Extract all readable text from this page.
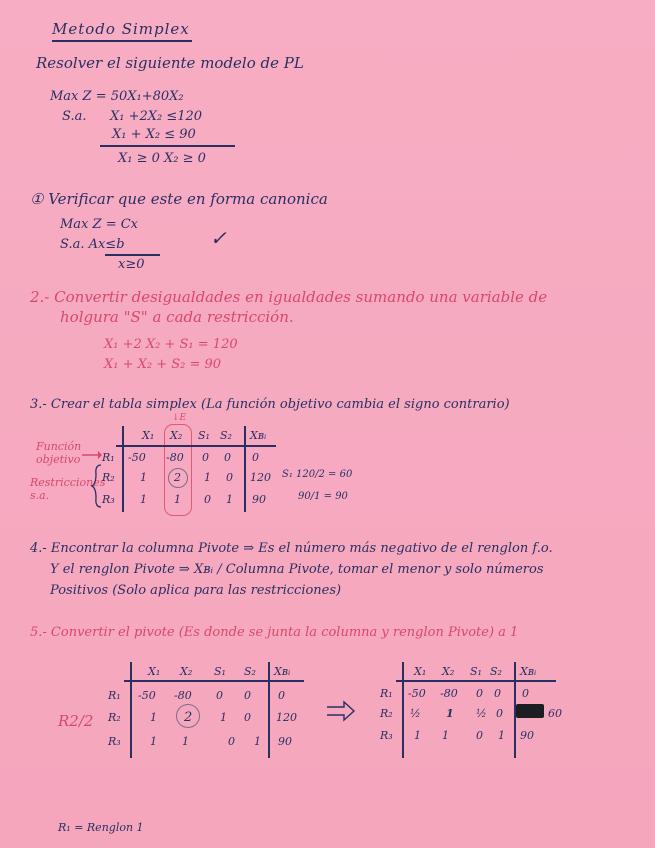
Metodo Simplex
Resolver el siguiente modelo de PL
Max Z = 50X₁+80X₂
S.a. X₁ +2X₂ ≤120
X₁ + X₂ ≤ 90
X₁ ≥ 0 X₂ ≥ 0
① Verificar que este en forma canonica
Max Z = Cx
S.a. Ax≤b
x≥0
✓
2.- Convertir desigualdades en igualdades sumando una variable de
holgura "S" a cada restricción.
X₁ +2 X₂ + S₁ = 120
X₁ + X₂ + S₂ = 90
3.- Crear el tabla simplex (La función objetivo cambia el signo contrario)
↓E
Función objetivo
Restricciones s.a.
X₁ X₂ S₁ S₂ Xʙᵢ
R₁ -50 -80 0 0 0
R₂ 1 2 1 0 120
R₃ 1 1 0 1 90
S₁ 120/2 = 60
90/1 = 90
4.- Encontrar la columna Pivote ⇒ Es el número más negativo de el renglon f.o.
Y el renglon Pivote ⇒ Xʙᵢ / Columna Pivote, tomar el menor y solo números
Positivos (Solo aplica para las restricciones)
5.- Convertir el pivote (Es donde se junta la columna y renglon Pivote) a 1
R2/2
X₁ X₂ S₁ S₂ Xʙᵢ
R₁ -50 -80 0 0 0
R₂	1 2	1 0 120
R₃	1 1	0 1 90
X₁ X₂ S₁ S₂ Xʙᵢ
R₁ -50 -80 0 0 0
R₂ ½ 1 ½ 0	60
R₃ 1 1 0 1 90
R₁ = Renglon 1
